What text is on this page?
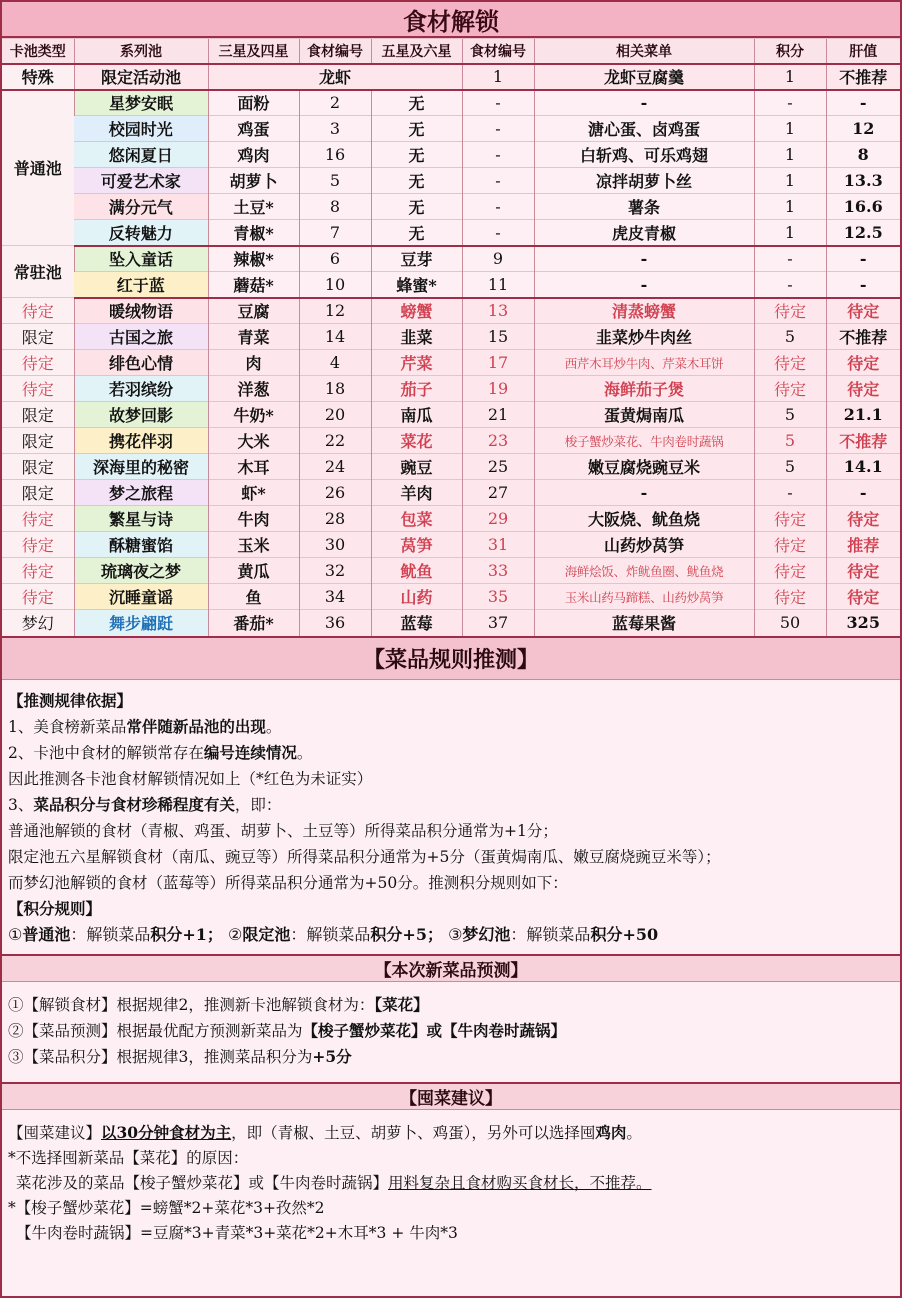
食材解锁
卡池类型	系列池	三星及四星	食材编号	五星及六星	食材编号	相关菜单	积分	肝值
特殊	限定活动池	龙虾			1	龙虾豆腐羹	1	不推荐
普通池	星梦安眠	面粉	2	无	-	-	-	-
	校园时光	鸡蛋	3	无	-	溏心蛋、卤鸡蛋	1	12
	悠闲夏日	鸡肉	16	无	-	白斩鸡、可乐鸡翅	1	8
	可爱艺术家	胡萝卜	5	无	-	凉拌胡萝卜丝	1	13.3
	满分元气	土豆*	8	无	-	薯条	1	16.6
	反转魅力	青椒*	7	无	-	虎皮青椒	1	12.5
常驻池	坠入童话	辣椒*	6	豆芽	9	-	-	-
	红于蓝	蘑菇*	10	蜂蜜*	11	-	-	-
待定	暖绒物语	豆腐	12	螃蟹	13	清蒸螃蟹	待定	待定
限定	古国之旅	青菜	14	韭菜	15	韭菜炒牛肉丝	5	不推荐
待定	绯色心情	肉	4	芹菜	17	西芹木耳炒牛肉、芹菜木耳饼	待定	待定
待定	若羽缤纷	洋葱	18	茄子	19	海鲜茄子煲	待定	待定
限定	故梦回影	牛奶*	20	南瓜	21	蛋黄焗南瓜	5	21.1
限定	携花伴羽	大米	22	菜花	23	梭子蟹炒菜花、牛肉卷时蔬锅	5	不推荐
限定	深海里的秘密	木耳	24	豌豆	25	嫩豆腐烧豌豆米	5	14.1
限定	梦之旅程	虾*	26	羊肉	27	-	-	-
待定	繁星与诗	牛肉	28	包菜	29	大阪烧、鱿鱼烧	待定	待定
待定	酥糖蜜馅	玉米	30	莴笋	31	山药炒莴笋	待定	推荐
待定	琉璃夜之梦	黄瓜	32	鱿鱼	33	海鲜烩饭、炸鱿鱼圈、鱿鱼烧	待定	待定
待定	沉睡童谣	鱼	34	山药	35	玉米山药马蹄糕、山药炒莴笋	待定	待定
梦幻	舞步翩跹	番茄*	36	蓝莓	37	蓝莓果酱	50	325
【菜品规则推测】

【推测规律依据】

1、美食榜新菜品常伴随新品池的出现。

2、卡池中食材的解锁常存在编号连续情况。

因此推测各卡池食材解锁情况如上（*红色为未证实）

3、菜品积分与食材珍稀程度有关，即：

普通池解锁的食材（青椒、鸡蛋、胡萝卜、土豆等）所得菜品积分通常为+1分；

限定池五六星解锁食材（南瓜、豌豆等）所得菜品积分通常为+5分（蛋黄焗南瓜、嫩豆腐烧豌豆米等）；

而梦幻池解锁的食材（蓝莓等）所得菜品积分通常为+50分。推测积分规则如下：

【积分规则】

①普通池：解锁菜品积分+1； ②限定池：解锁菜品积分+5； ③梦幻池：解锁菜品积分+50

【本次新菜品预测】

①【解锁食材】根据规律2，推测新卡池解锁食材为：【菜花】

②【菜品预测】根据最优配方预测新菜品为【梭子蟹炒菜花】或【牛肉卷时蔬锅】

③【菜品积分】根据规律3，推测菜品积分为+5分

【囤菜建议】

【囤菜建议】以30分钟食材为主，即（青椒、土豆、胡萝卜、鸡蛋），另外可以选择囤鸡肉。

*不选择囤新菜品【菜花】的原因：

菜花涉及的菜品【梭子蟹炒菜花】或【牛肉卷时蔬锅】用料复杂且食材购买食材长，不推荐。

*【梭子蟹炒菜花】=螃蟹*2+菜花*3+孜然*2

【牛肉卷时蔬锅】=豆腐*3+青菜*3+菜花*2+木耳*3 + 牛肉*3
